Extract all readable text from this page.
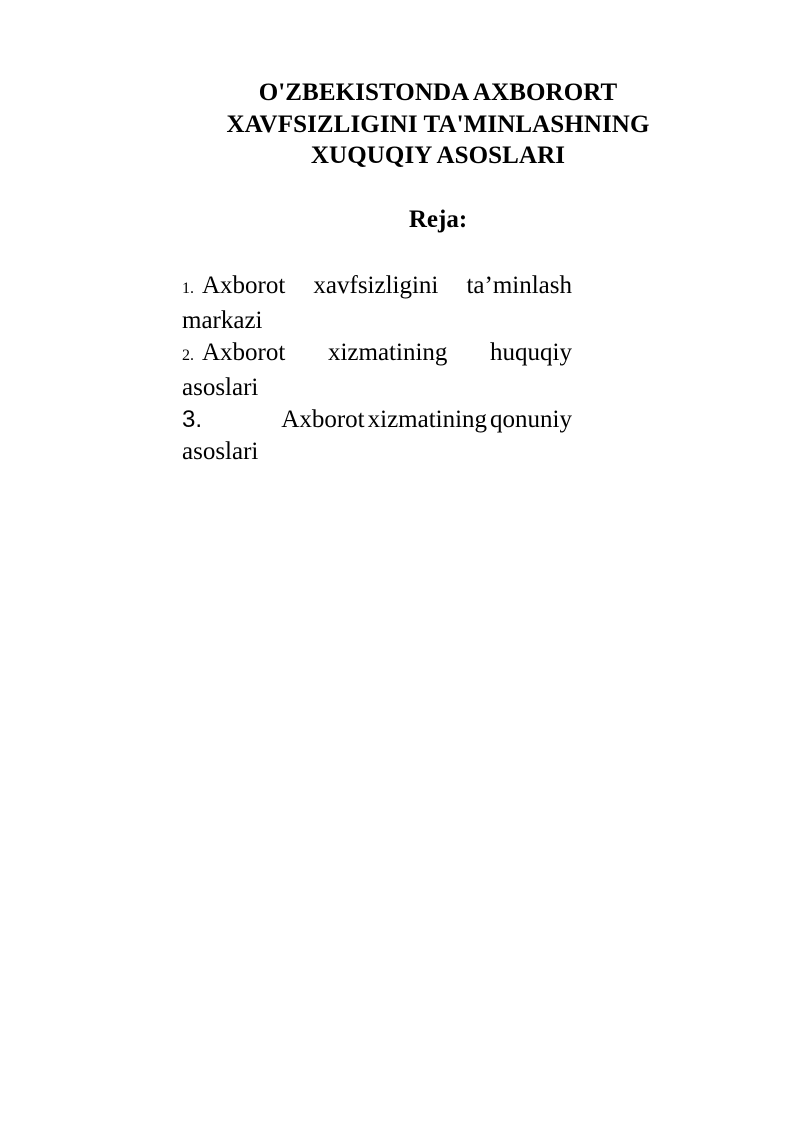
O'ZBEKISTONDA AXBORORT
XAVFSIZLIGINI TA'MINLASHNING
XUQUQIY ASOSLARI
Reja:
1. Axborot xavfsizligini ta’minlash
markazi
2. Axborot xizmatining huquqiy
asoslari
3.	Axborot xizmatining qonuniy
asoslari
